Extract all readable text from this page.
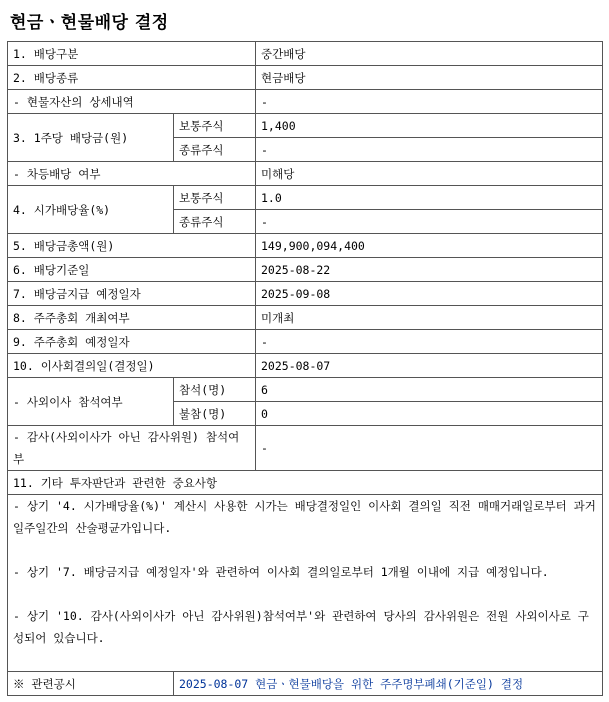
현금ㆍ현물배당 결정
1. 배당구분		중간배당
2. 배당종류		현금배당
- 현물자산의 상세내역		-
3. 1주당 배당금(원)	보통주식	1,400
	종류주식	-
- 차등배당 여부		미해당
4. 시가배당율(%)	보통주식	1.0
	종류주식	-
5. 배당금총액(원)		149,900,094,400
6. 배당기준일		2025-08-22
7. 배당금지급 예정일자		2025-09-08
8. 주주총회 개최여부		미개최
9. 주주총회 예정일자		-
10. 이사회결의일(결정일)		2025-08-07
- 사외이사 참석여부	참석(명)	6
	불참(명)	0
- 감사(사외이사가 아닌 감사위원) 참석여부		-
11. 기타 투자판단과 관련한 중요사항		

- 상기 '4. 시가배당율(%)' 계산시 사용한 시가는 배당결정일인 이사회 결의일 직전 매매거래일로부터 과거 일주일간의 산술평균가입니다.

- 상기 '7. 배당금지급 예정일자'와 관련하여 이사회 결의일로부터 1개월 이내에 지급 예정입니다.

- 상기 '10. 감사(사외이사가 아닌 감사위원)참석여부'와 관련하여 당사의 감사위원은 전원 사외이사로 구성되어 있습니다.		

※ 관련공시	2025-08-07 현금ㆍ현물배당을 위한 주주명부폐쇄(기준일) 결정	
